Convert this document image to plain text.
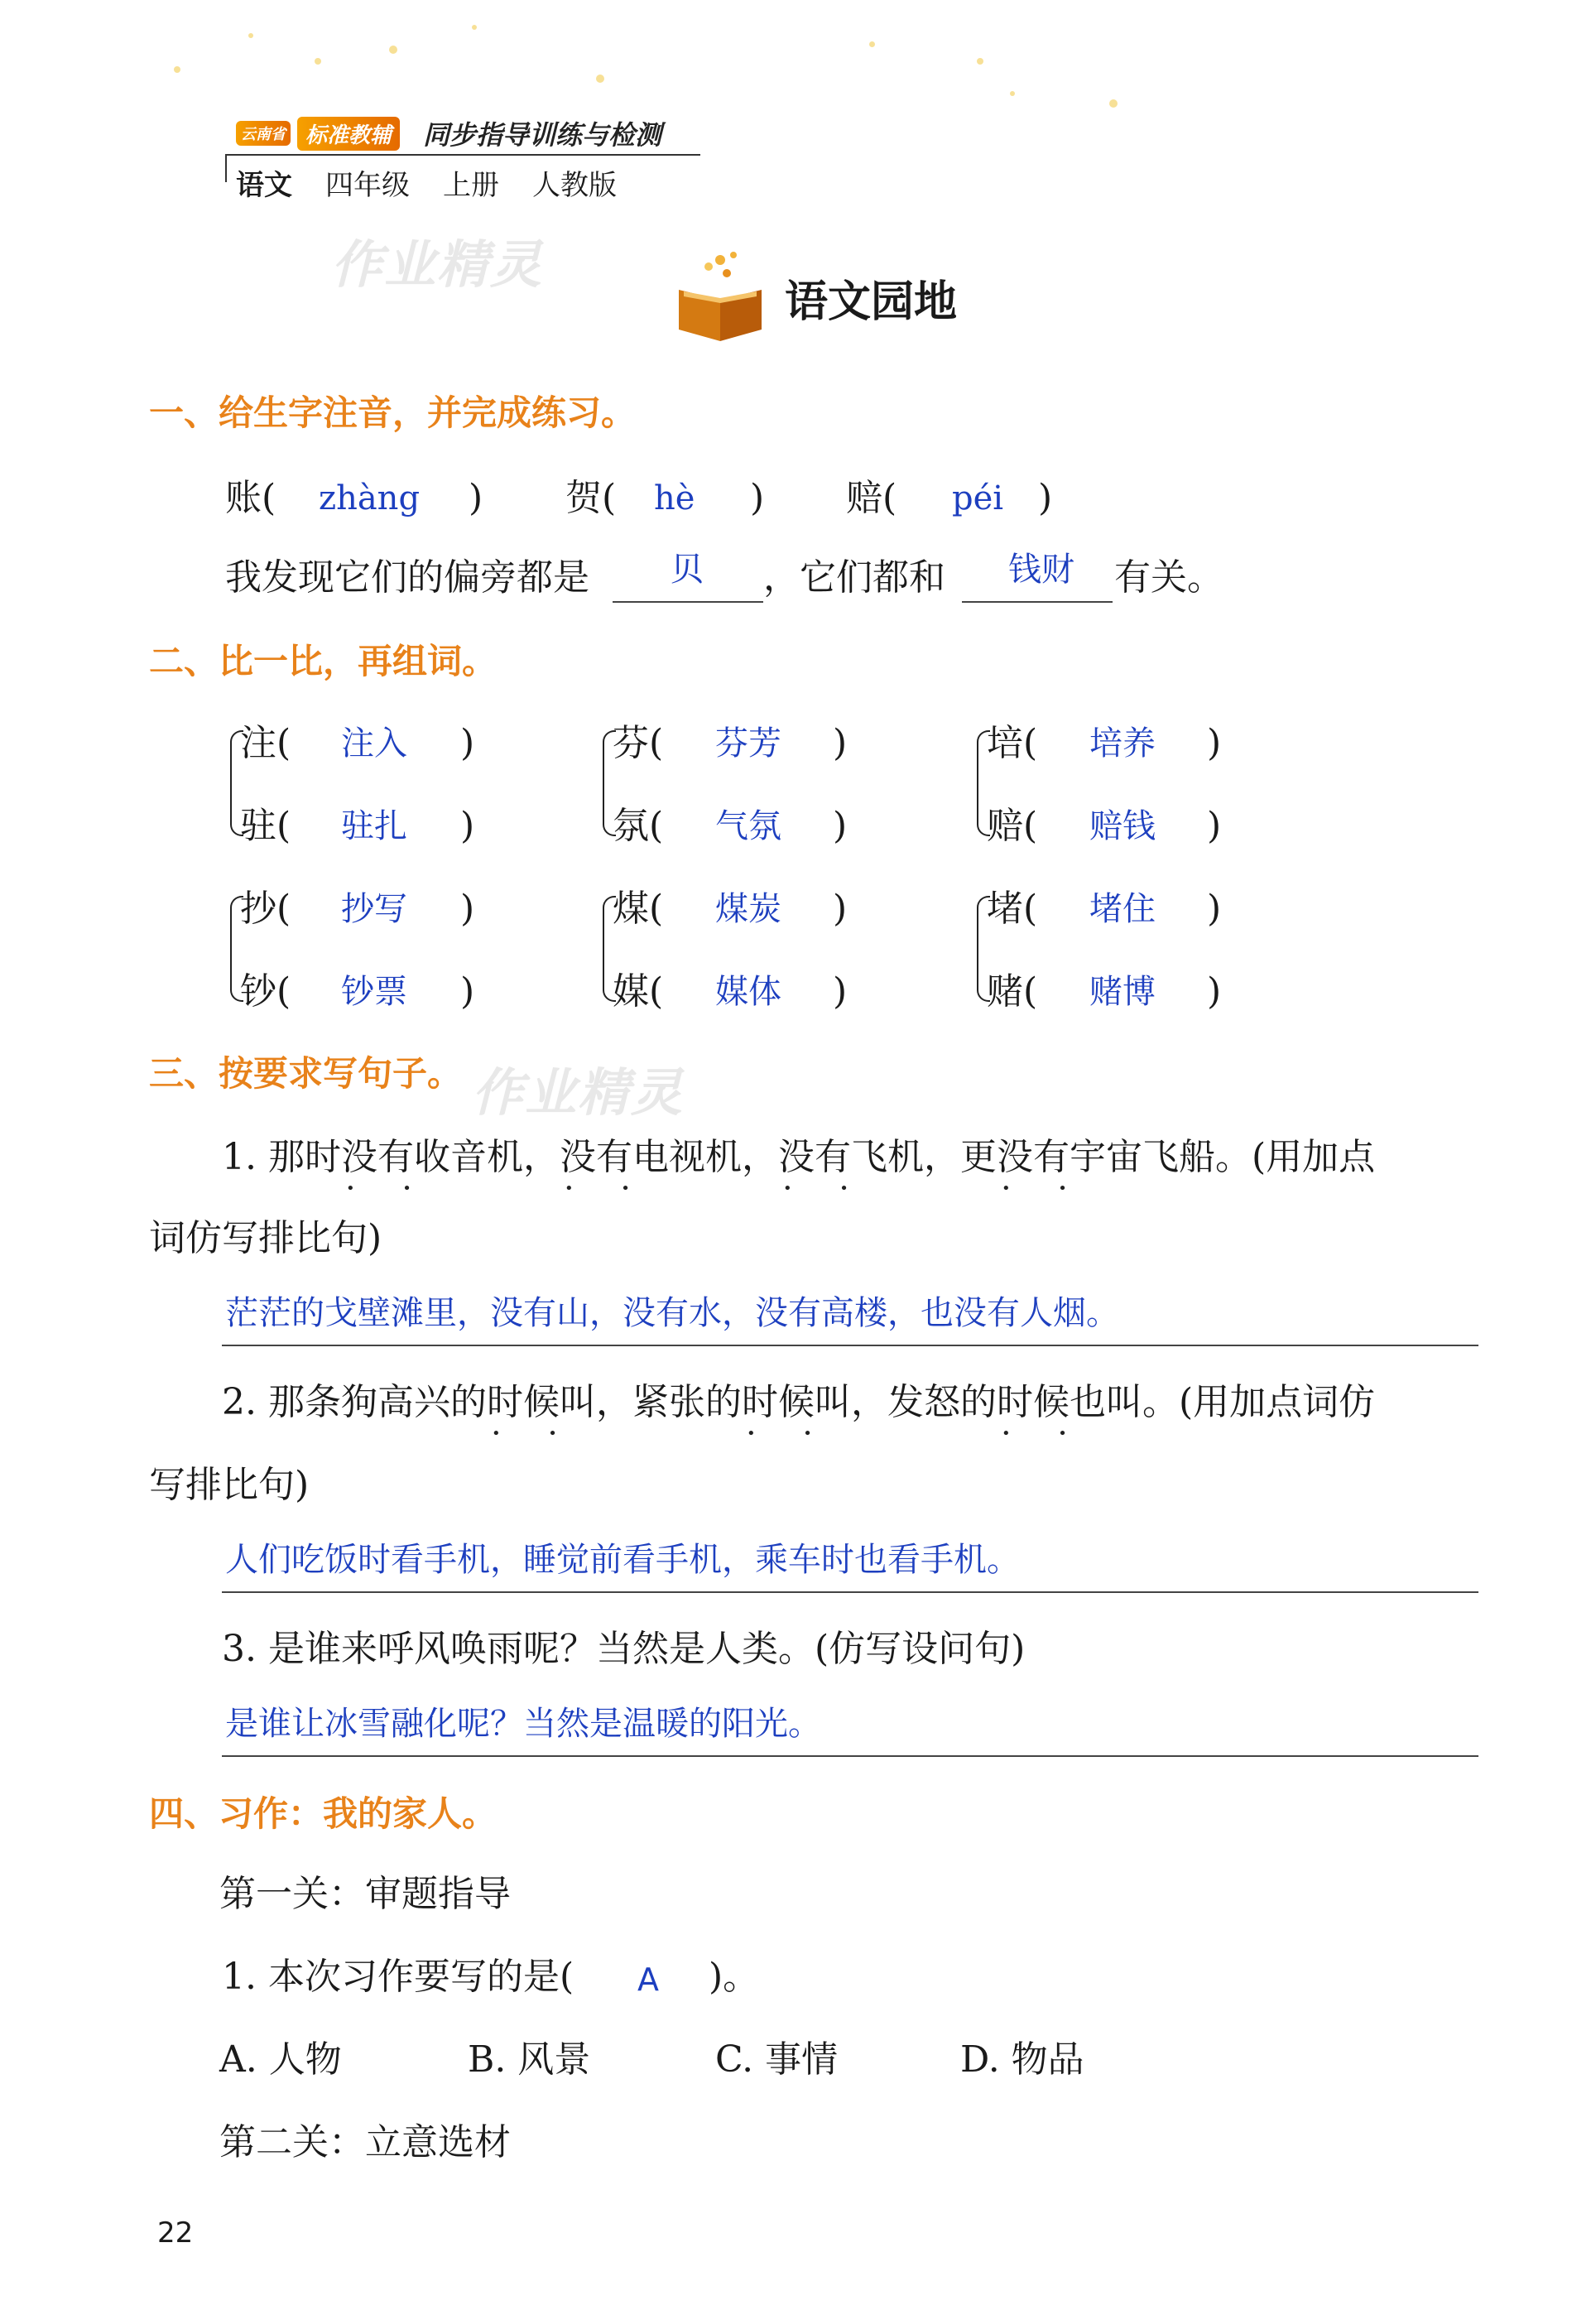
云南省 标准教辅	同步指导训练与检测
语文 四年级 上册 人教版
作业精灵
作业精灵
语文园地
一、给生字注音，并完成练习。
账( zhàng ) 贺( hè ) 赔( péi )
我发现它们的偏旁都是 贝 ，它们都和 钱财 有关。
二、比一比，再组词。
注( 注入 )
驻( 驻扎 )
芬( 芬芳 )
氛( 气氛 )
培( 培养 )
赔( 赔钱 )
抄( 抄写 )
钞( 钞票 )
煤( 煤炭 )
媒( 媒体 )
堵( 堵住 )
赌( 赌博 )
三、按要求写句子。
1. 那时没有 • •收音机，没有 • •电视机，没有 • •飞机，更没有 • •宇宙飞船。(用加点
词仿写排比句)
茫茫的戈壁滩里，没有山，没有水，没有高楼，也没有人烟。
2. 那条狗高兴的时候 • •叫，紧张的时候 • •叫，发怒的时候 • •也叫。(用加点词仿
写排比句)
人们吃饭时看手机，睡觉前看手机，乘车时也看手机。
3. 是谁来呼风唤雨呢？当然是人类。(仿写设问句)
是谁让冰雪融化呢？当然是温暖的阳光。
四、习作：我的家人。
第一关：审题指导
1. 本次习作要写的是( A )。
A. 人物	B. 风景	C. 事情	D. 物品
第二关：立意选材
22
